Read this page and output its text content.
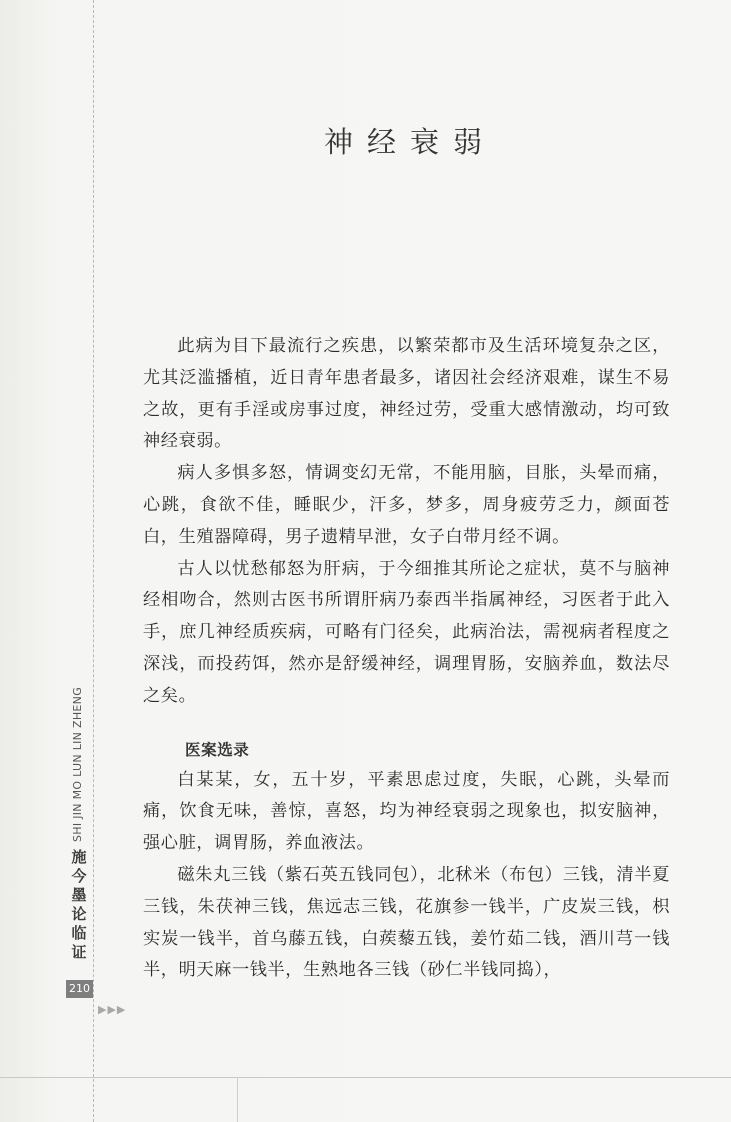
神经衰弱

此病为目下最流行之疾患，以繁荣都市及生活环境复杂之区，尤其泛滥播植，近日青年患者最多，诸因社会经济艰难，谋生不易之故，更有手淫或房事过度，神经过劳，受重大感情激动，均可致神经衰弱。

病人多惧多怒，情调变幻无常，不能用脑，目胀，头晕而痛，心跳，食欲不佳，睡眠少，汗多，梦多，周身疲劳乏力，颜面苍白，生殖器障碍，男子遗精早泄，女子白带月经不调。

古人以忧愁郁怒为肝病，于今细推其所论之症状，莫不与脑神经相吻合，然则古医书所谓肝病乃泰西半指属神经，习医者于此入手，庶几神经质疾病，可略有门径矣，此病治法，需视病者程度之深浅，而投药饵，然亦是舒缓神经，调理胃肠，安脑养血，数法尽之矣。

医案选录

白某某，女，五十岁，平素思虑过度，失眠，心跳，头晕而痛，饮食无味，善惊，喜怒，均为神经衰弱之现象也，拟安脑神，强心脏，调胃肠，养血液法。

磁朱丸三钱（紫石英五钱同包），北秫米（布包）三钱，清半夏三钱，朱茯神三钱，焦远志三钱，花旗参一钱半，广皮炭三钱，枳实炭一钱半，首乌藤五钱，白蒺藜五钱，姜竹茹二钱，酒川芎一钱半，明天麻一钱半，生熟地各三钱（砂仁半钱同捣），

SHI JIN MO LUN LIN ZHENG
施
今
墨
论
临
证
210
▶▶▶
